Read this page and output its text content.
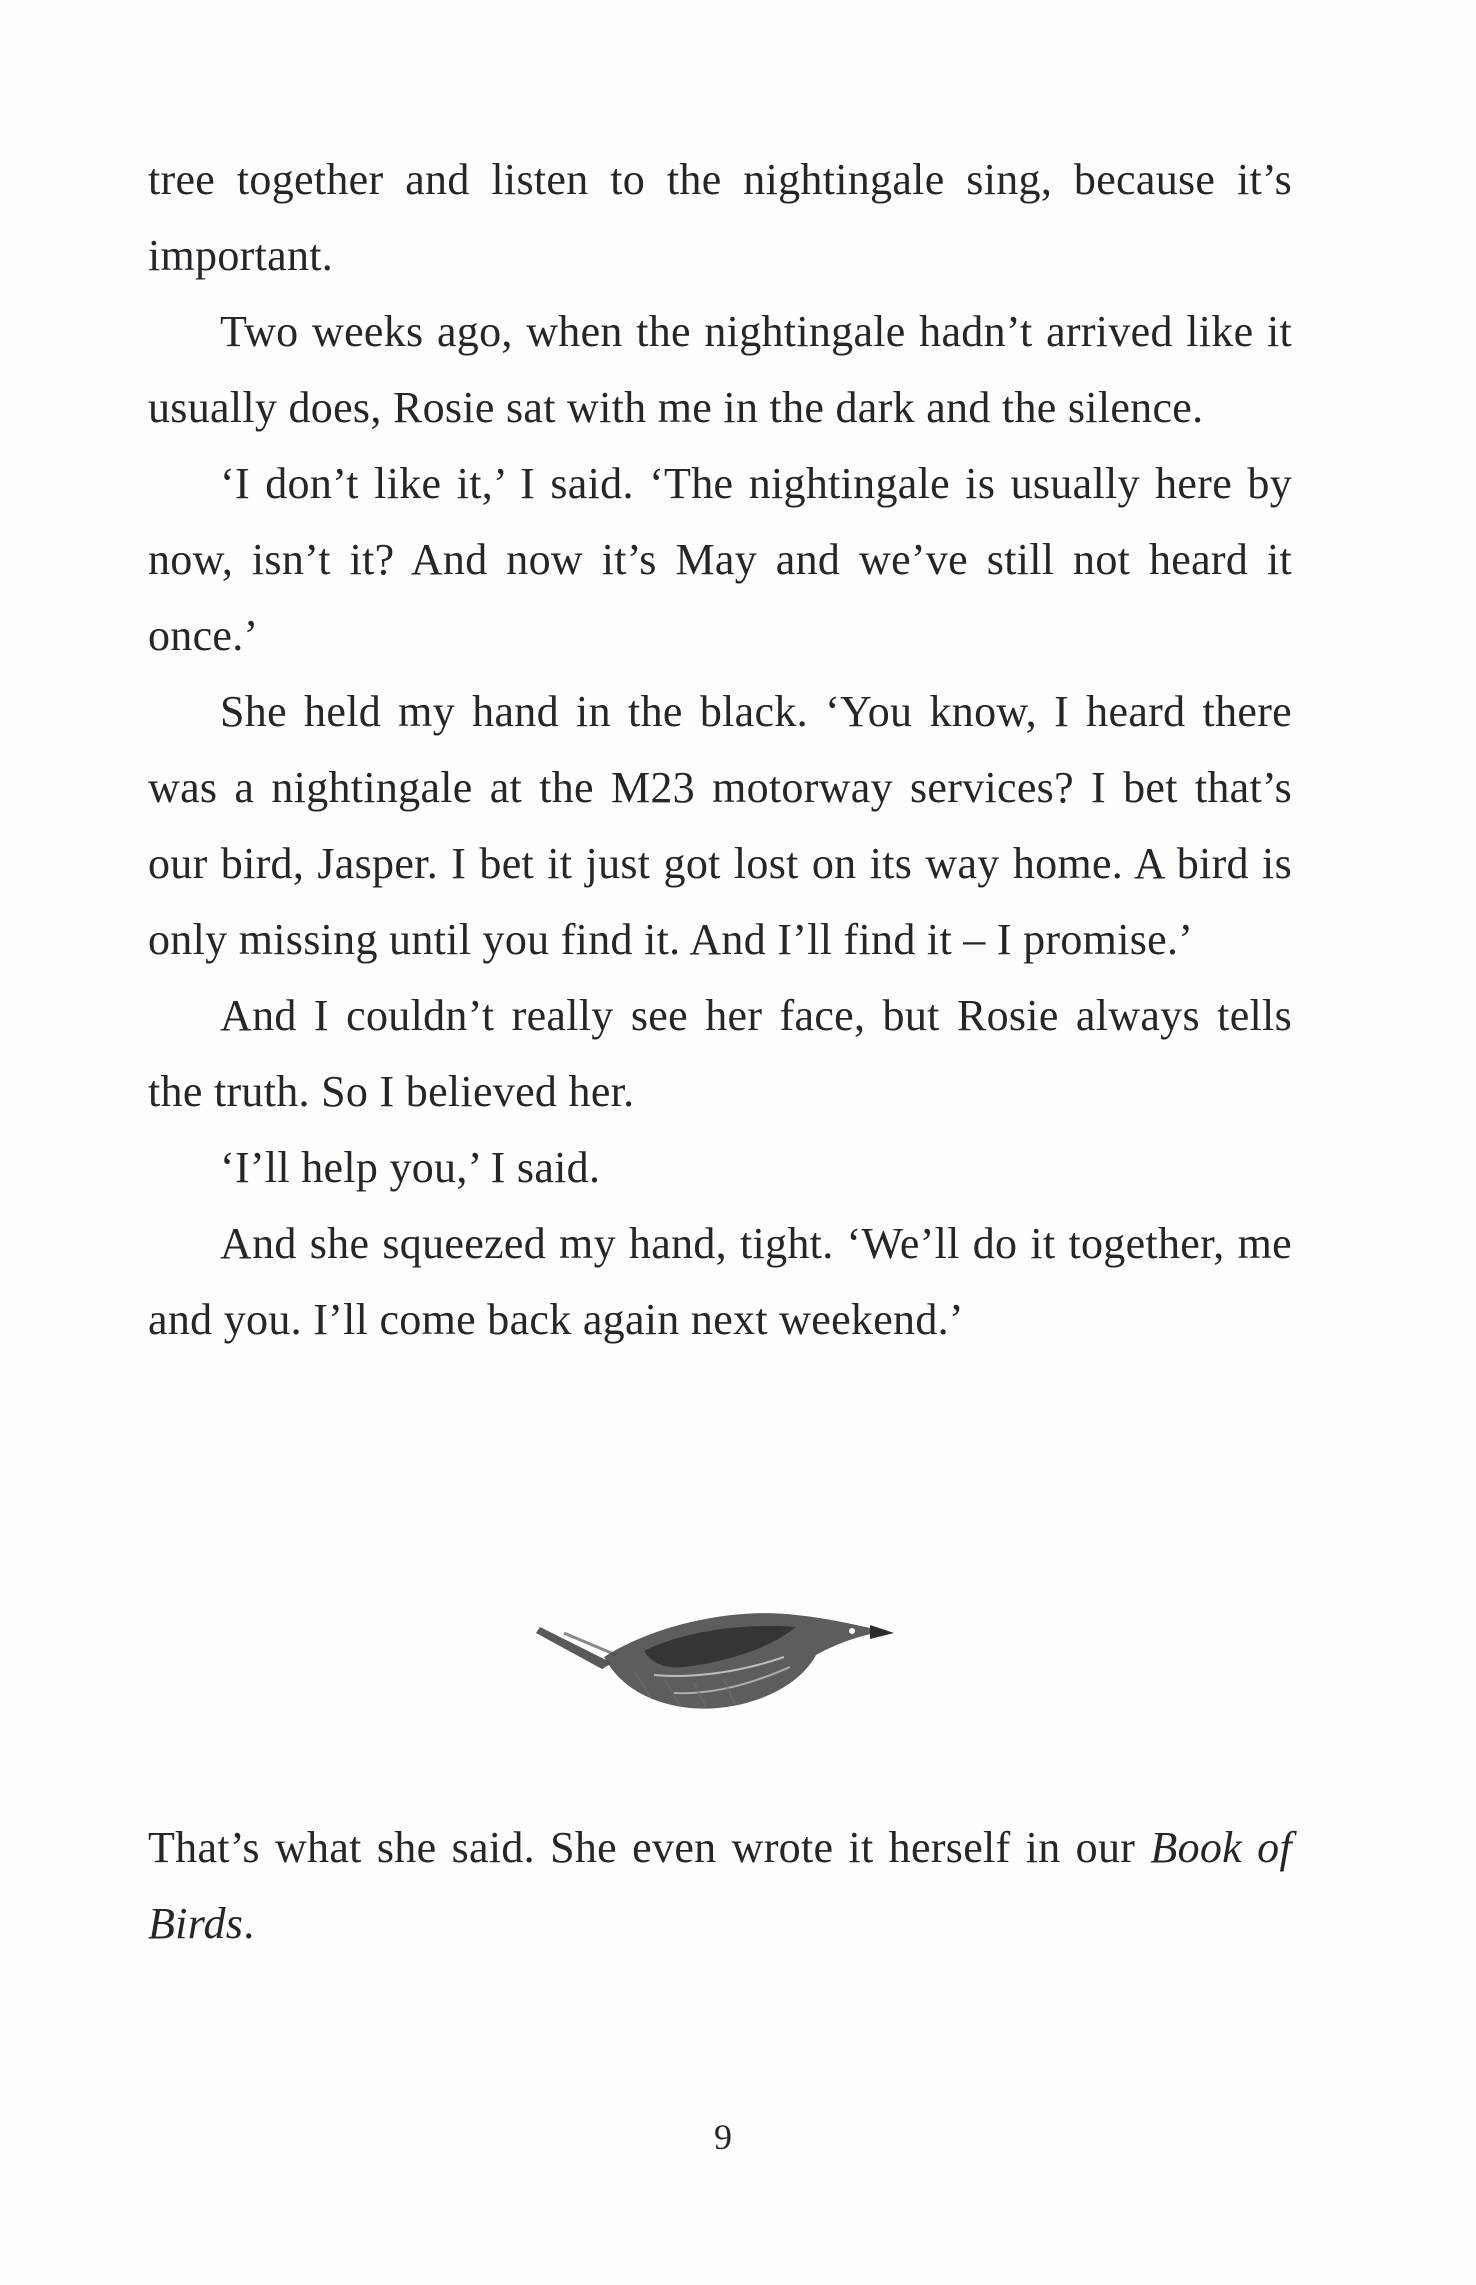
tree together and listen to the nightingale sing, because it’s important.

Two weeks ago, when the nightingale hadn’t arrived like it usually does, Rosie sat with me in the dark and the silence.

‘I don’t like it,’ I said. ‘The nightingale is usually here by now, isn’t it? And now it’s May and we’ve still not heard it once.’

She held my hand in the black. ‘You know, I heard there was a nightingale at the M23 motorway services? I bet that’s our bird, Jasper. I bet it just got lost on its way home. A bird is only missing until you find it. And I’ll find it – I promise.’

And I couldn’t really see her face, but Rosie always tells the truth. So I believed her.

‘I’ll help you,’ I said.

And she squeezed my hand, tight. ‘We’ll do it together, me and you. I’ll come back again next weekend.’

That’s what she said. She even wrote it herself in our Book of Birds.

9
